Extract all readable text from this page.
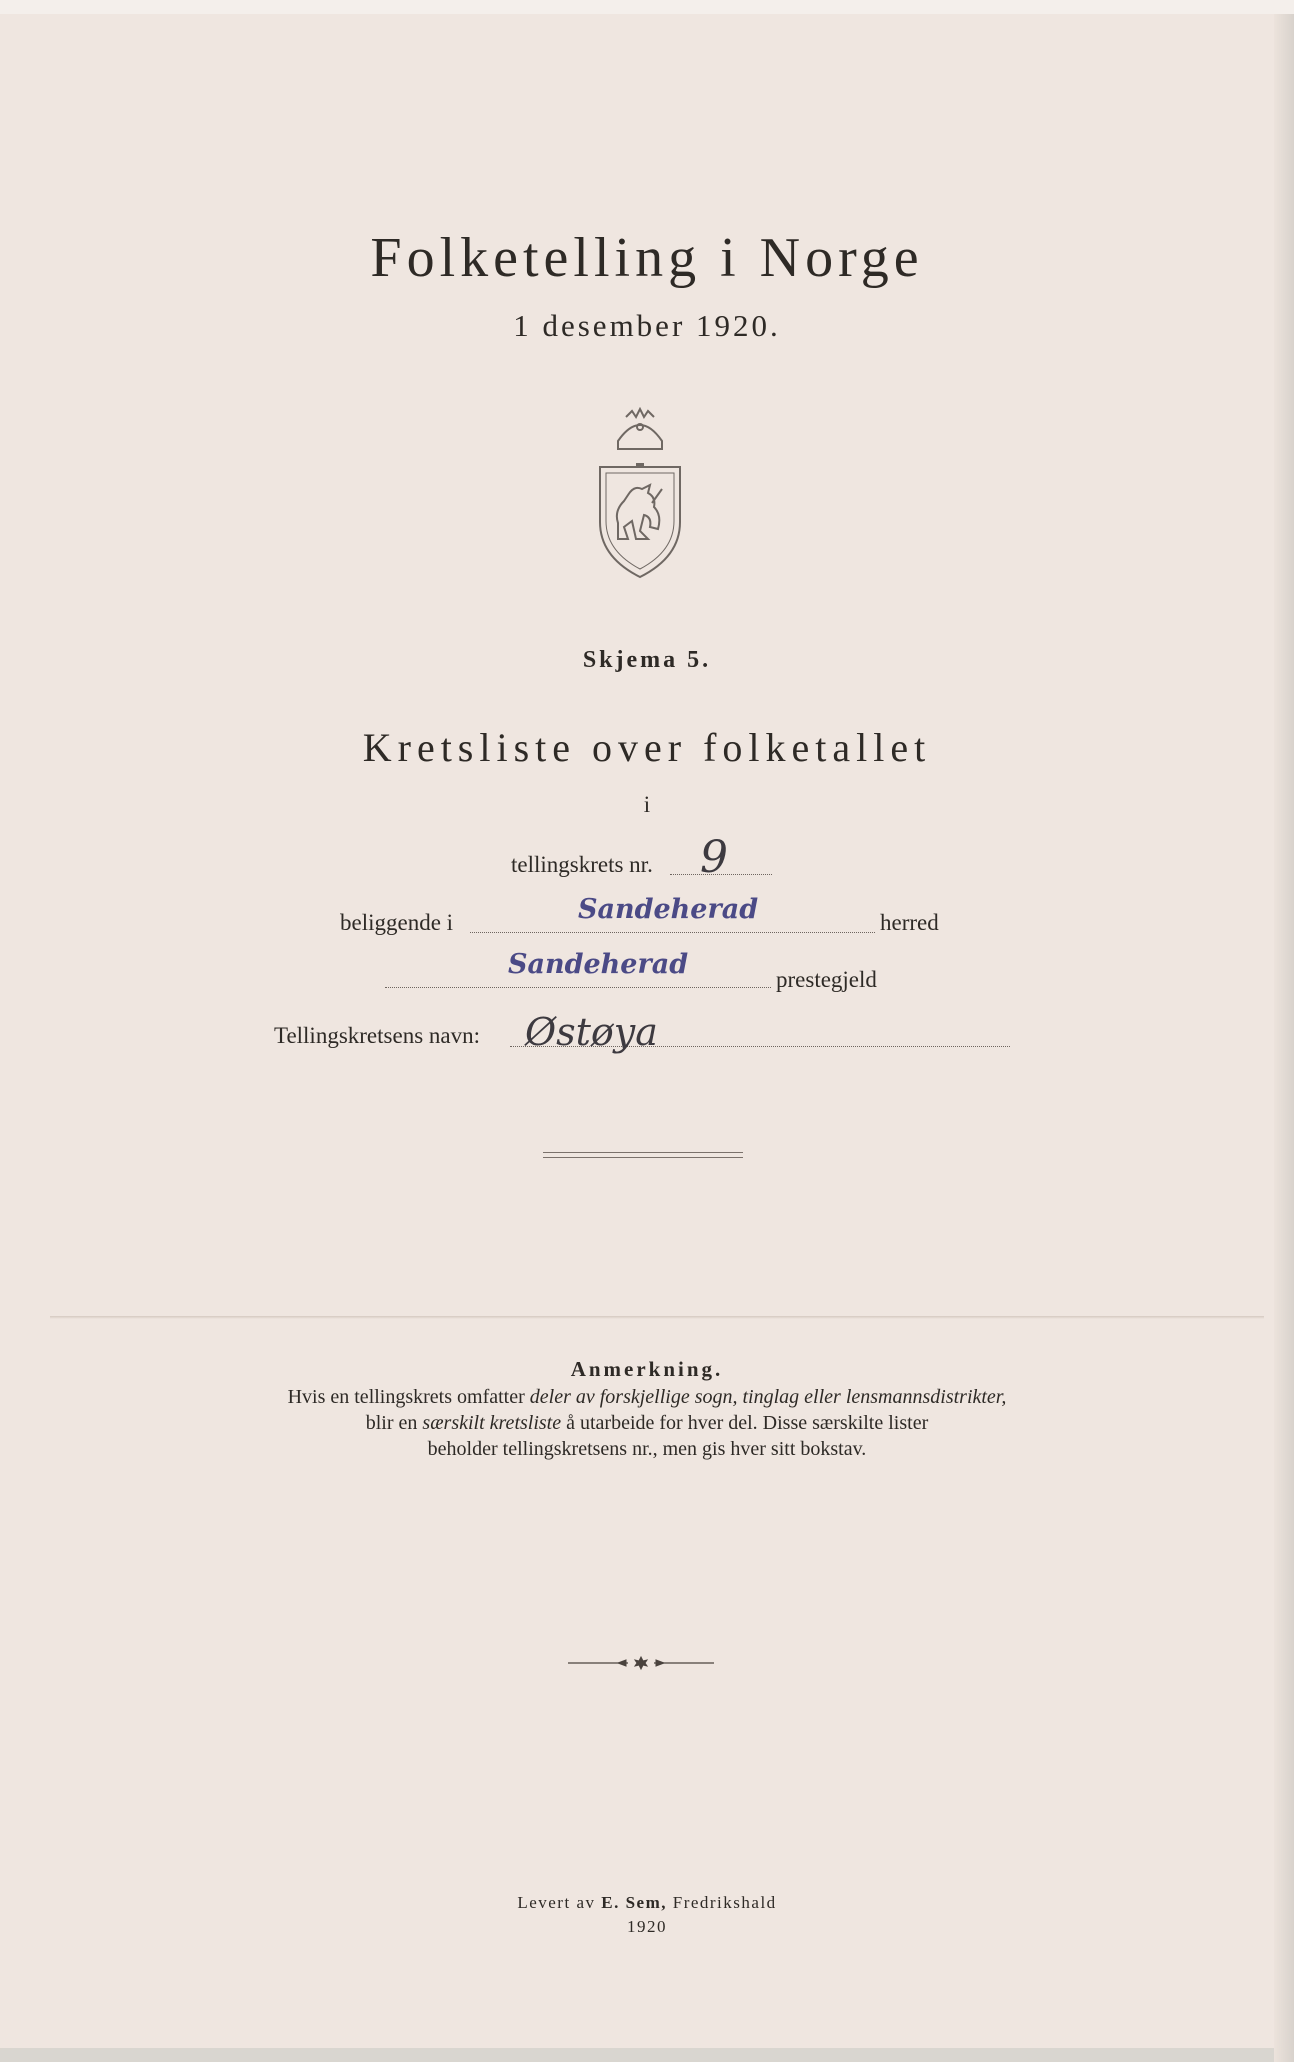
Folketelling i Norge
1 desember 1920.
Skjema 5.
Kretsliste over folketallet
i
tellingskrets nr. 9
beliggende i	Sandeherad	herred
Sandeherad	prestegjeld
Tellingskretsens navn: Østøya
Anmerkning.
Hvis en tellingskrets omfatter deler av forskjellige sogn, tinglag eller lensmannsdistrikter,
blir en særskilt kretsliste å utarbeide for hver del. Disse særskilte lister
beholder tellingskretsens nr., men gis hver sitt bokstav.
Levert av E. Sem, Fredrikshald
1920
